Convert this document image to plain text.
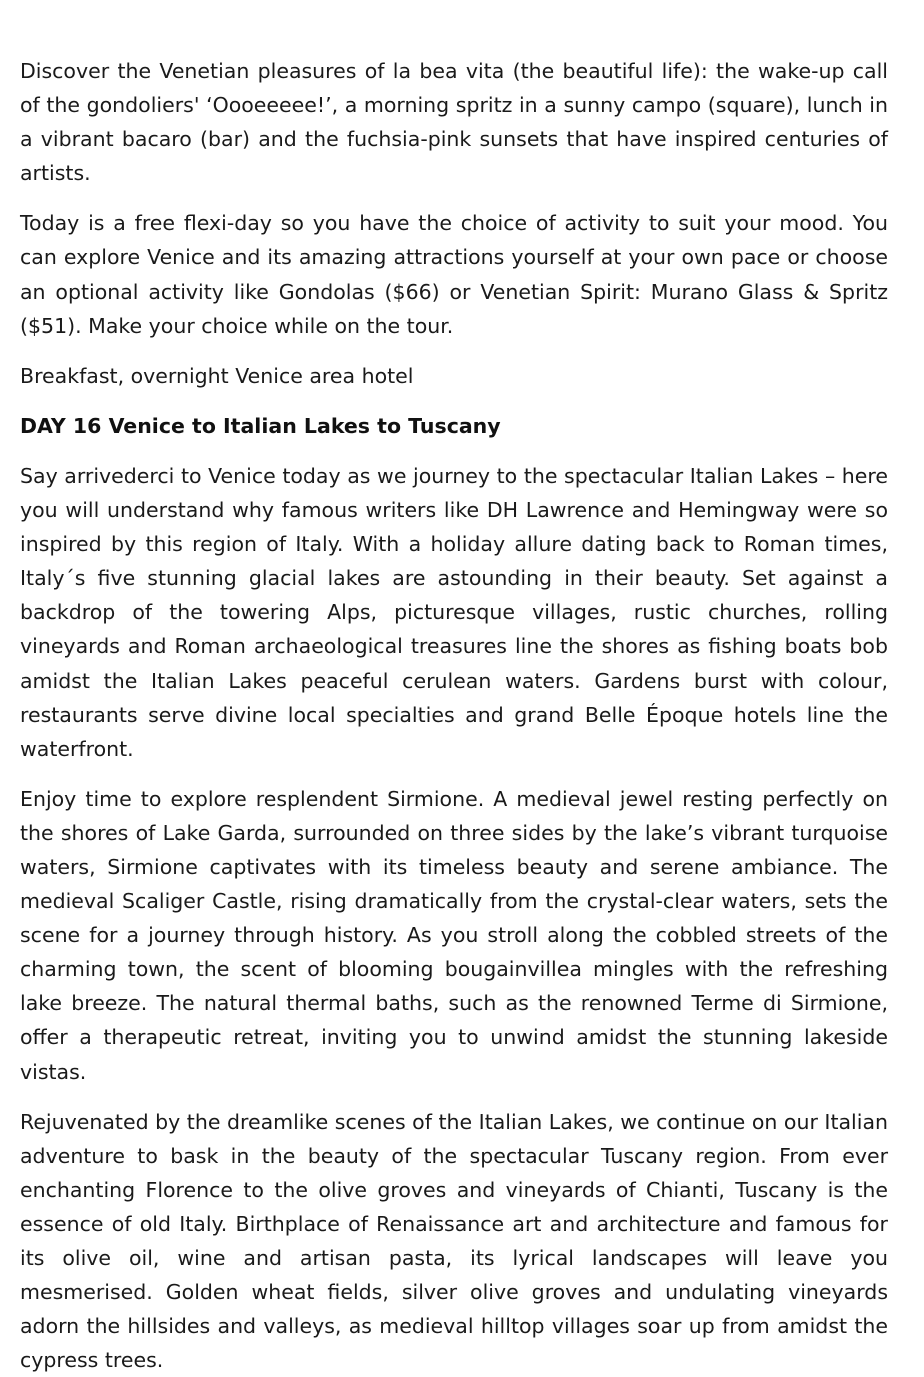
Discover the Venetian pleasures of la bea vita (the beautiful life): the wake-up call of the gondoliers' ‘Oooeeeee!’, a morning spritz in a sunny campo (square), lunch in a vibrant bacaro (bar) and the fuchsia-pink sunsets that have inspired centuries of artists.

Today is a free flexi-day so you have the choice of activity to suit your mood. You can explore Venice and its amazing attractions yourself at your own pace or choose an optional activity like Gondolas ($66) or Venetian Spirit: Murano Glass & Spritz ($51). Make your choice while on the tour.

Breakfast, overnight Venice area hotel

DAY 16 Venice to Italian Lakes to Tuscany

Say arrivederci to Venice today as we journey to the spectacular Italian Lakes – here you will understand why famous writers like DH Lawrence and Hemingway were so inspired by this region of Italy. With a holiday allure dating back to Roman times, Italy´s five stunning glacial lakes are astounding in their beauty. Set against a backdrop of the towering Alps, picturesque villages, rustic churches, rolling vineyards and Roman archaeological treasures line the shores as fishing boats bob amidst the Italian Lakes peaceful cerulean waters. Gardens burst with colour, restaurants serve divine local specialties and grand Belle Époque hotels line the waterfront.

Enjoy time to explore resplendent Sirmione. A medieval jewel resting perfectly on the shores of Lake Garda, surrounded on three sides by the lake’s vibrant turquoise waters, Sirmione captivates with its timeless beauty and serene ambiance. The medieval Scaliger Castle, rising dramatically from the crystal-clear waters, sets the scene for a journey through history. As you stroll along the cobbled streets of the charming town, the scent of blooming bougainvillea mingles with the refreshing lake breeze. The natural thermal baths, such as the renowned Terme di Sirmione, offer a therapeutic retreat, inviting you to unwind amidst the stunning lakeside vistas.

Rejuvenated by the dreamlike scenes of the Italian Lakes, we continue on our Italian adventure to bask in the beauty of the spectacular Tuscany region. From ever enchanting Florence to the olive groves and vineyards of Chianti, Tuscany is the essence of old Italy. Birthplace of Renaissance art and architecture and famous for its olive oil, wine and artisan pasta, its lyrical landscapes will leave you mesmerised. Golden wheat fields, silver olive groves and undulating vineyards adorn the hillsides and valleys, as medieval hilltop villages soar up from amidst the cypress trees.
